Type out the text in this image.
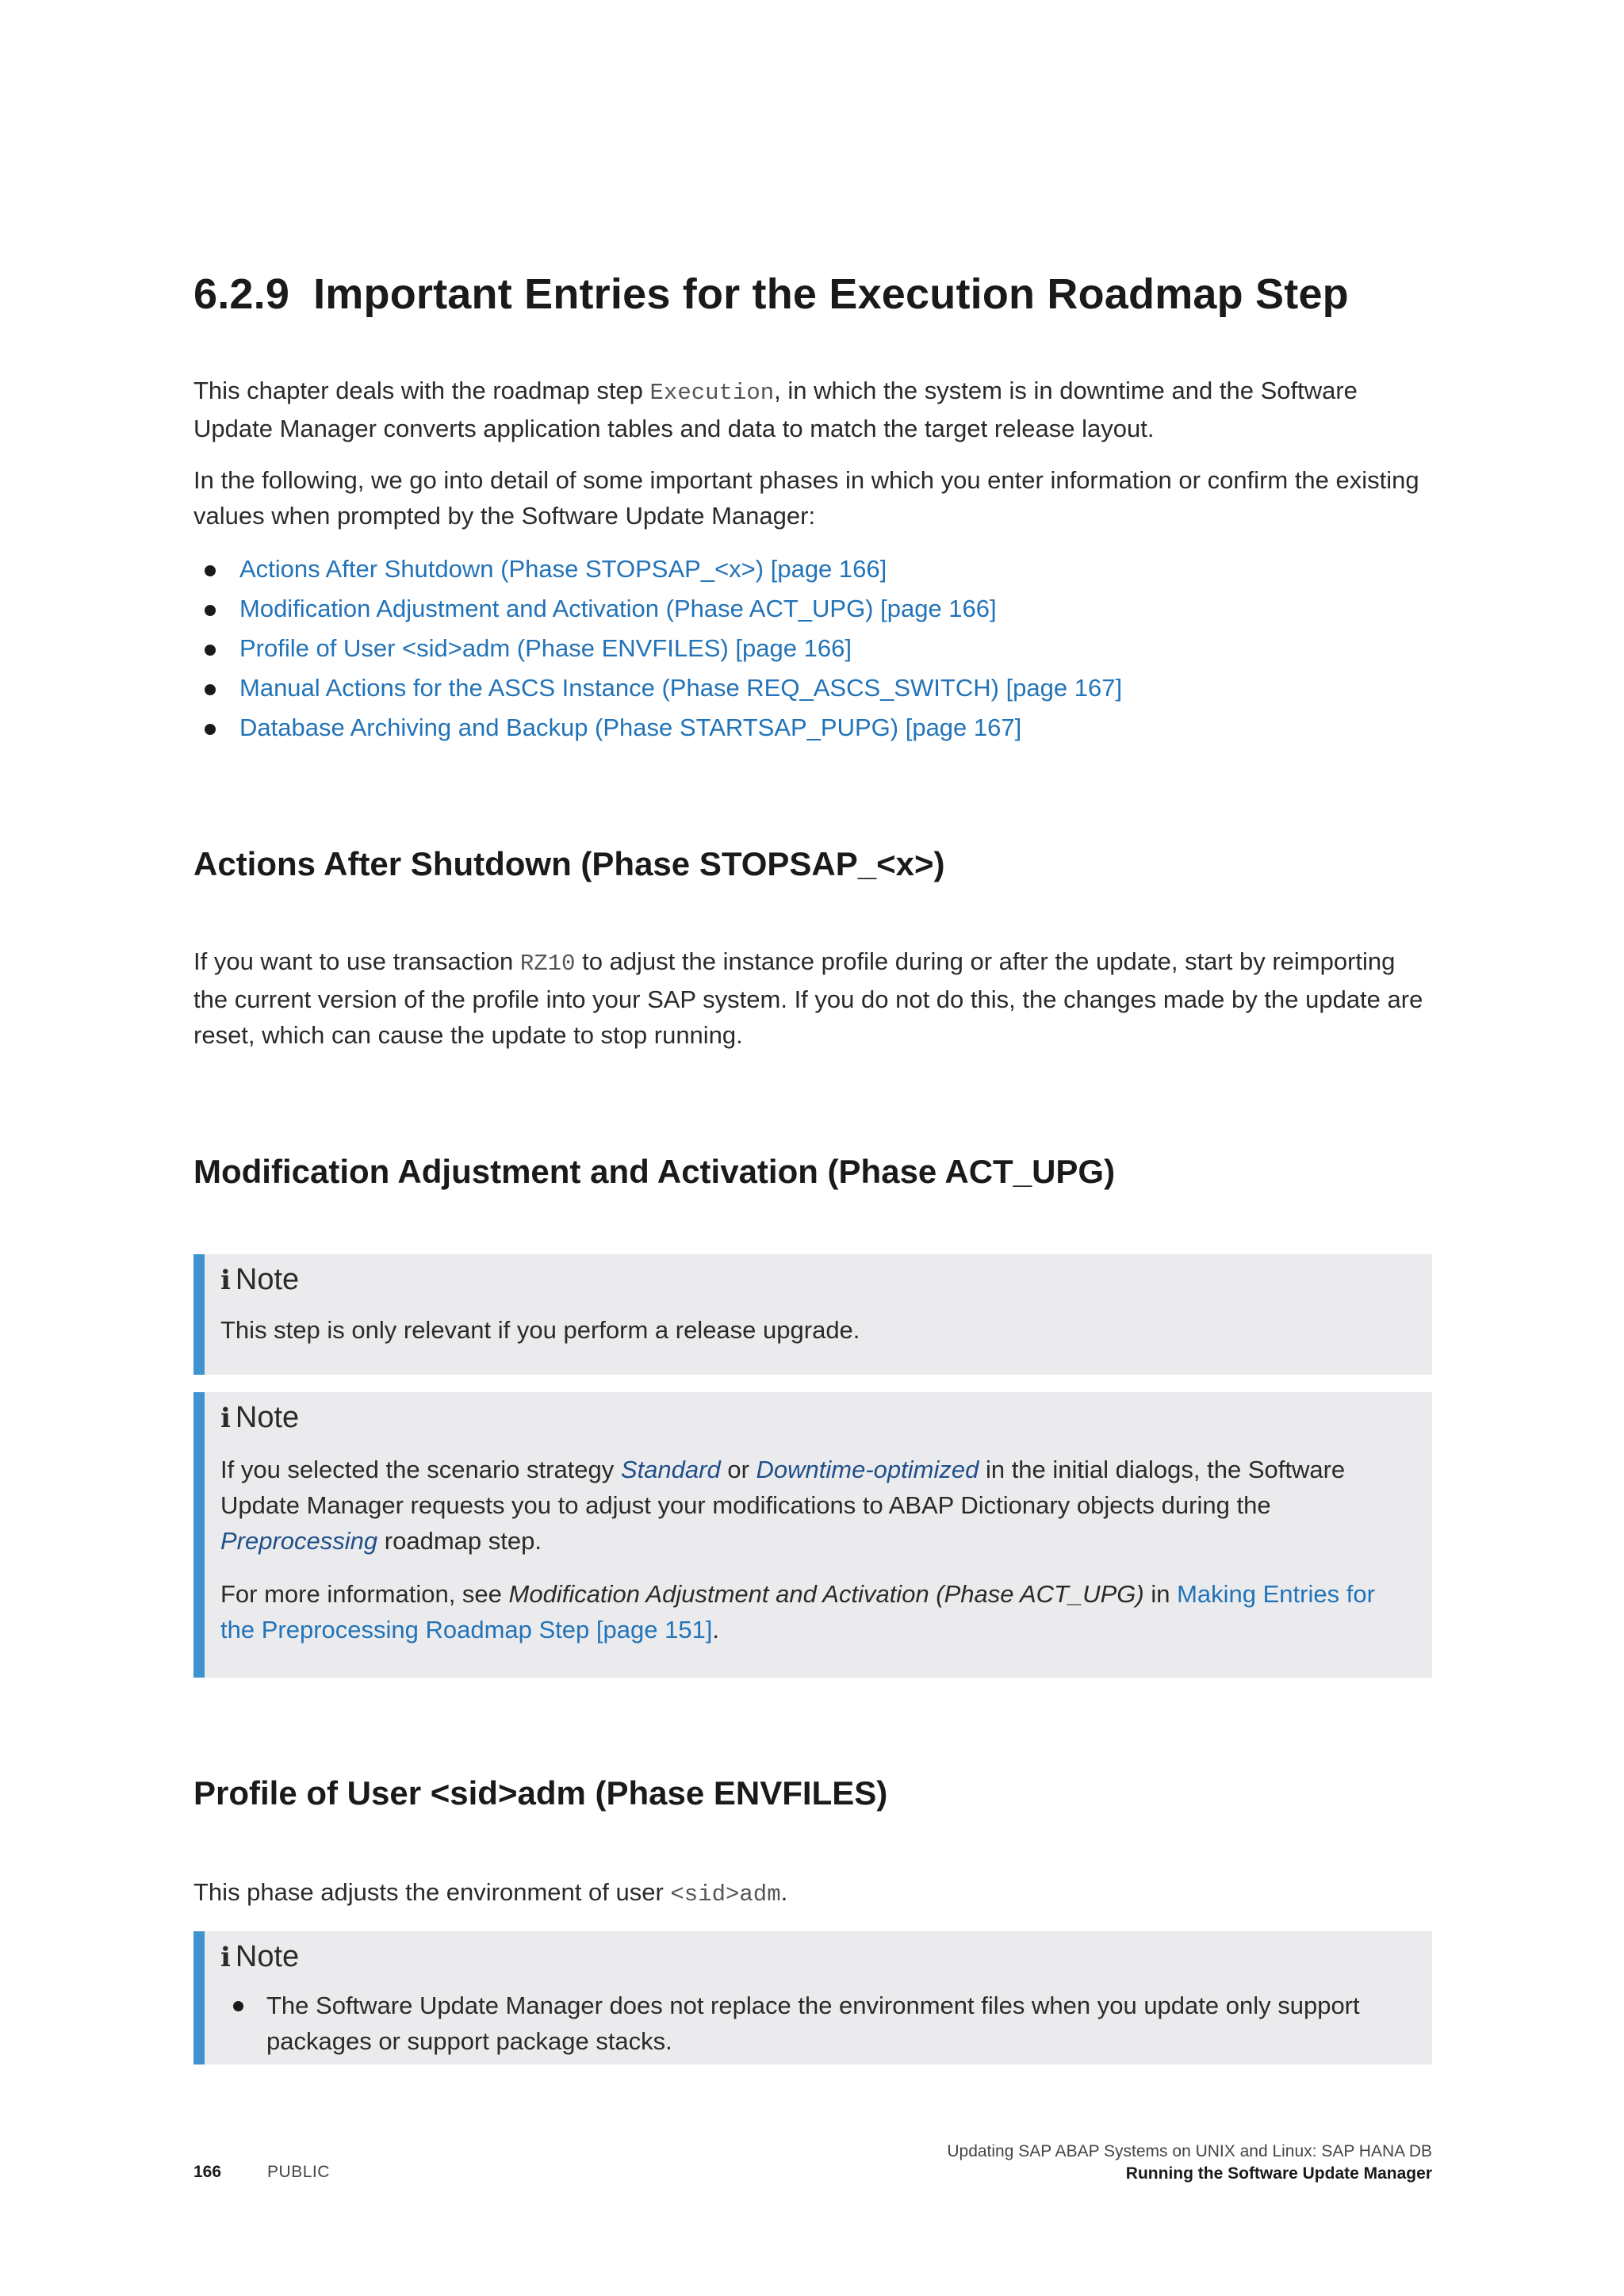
6.2.9 Important Entries for the Execution Roadmap Step

This chapter deals with the roadmap step Execution, in which the system is in downtime and the Software Update Manager converts application tables and data to match the target release layout.

In the following, we go into detail of some important phases in which you enter information or confirm the existing values when prompted by the Software Update Manager:

Actions After Shutdown (Phase STOPSAP_<x>) [page 166]
Modification Adjustment and Activation (Phase ACT_UPG) [page 166]
Profile of User <sid>adm (Phase ENVFILES) [page 166]
Manual Actions for the ASCS Instance (Phase REQ_ASCS_SWITCH) [page 167]
Database Archiving and Backup (Phase STARTSAP_PUPG) [page 167]
Actions After Shutdown (Phase STOPSAP_<x>)

If you want to use transaction RZ10 to adjust the instance profile during or after the update, start by reimporting the current version of the profile into your SAP system. If you do not do this, the changes made by the update are reset, which can cause the update to stop running.

Modification Adjustment and Activation (Phase ACT_UPG)
i Note

This step is only relevant if you perform a release upgrade.

i Note

If you selected the scenario strategy Standard or Downtime-optimized in the initial dialogs, the Software Update Manager requests you to adjust your modifications to ABAP Dictionary objects during the Preprocessing roadmap step.

For more information, see Modification Adjustment and Activation (Phase ACT_UPG) in Making Entries for the Preprocessing Roadmap Step [page 151].

Profile of User <sid>adm (Phase ENVFILES)

This phase adjusts the environment of user <sid>adm.

i Note
The Software Update Manager does not replace the environment files when you update only support packages or support package stacks.
166	PUBLIC
Updating SAP ABAP Systems on UNIX and Linux: SAP HANA DB
Running the Software Update Manager
